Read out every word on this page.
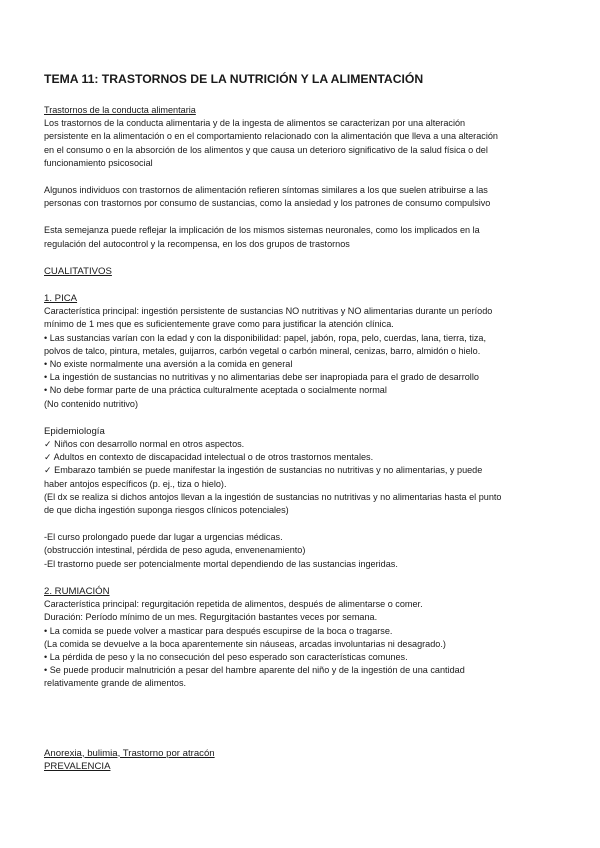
TEMA 11: TRASTORNOS DE LA NUTRICIÓN Y LA ALIMENTACIÓN

Trastornos de la conducta alimentaria
Los trastornos de la conducta alimentaria y de la ingesta de alimentos se caracterizan por una alteración
persistente en la alimentación o en el comportamiento relacionado con la alimentación que lleva a una alteración
en el consumo o en la absorción de los alimentos y que causa un deterioro significativo de la salud física o del
funcionamiento psicosocial
Algunos individuos con trastornos de alimentación refieren síntomas similares a los que suelen atribuirse a las
personas con trastornos por consumo de sustancias, como la ansiedad y los patrones de consumo compulsivo
Esta semejanza puede reflejar la implicación de los mismos sistemas neuronales, como los implicados en la
regulación del autocontrol y la recompensa, en los dos grupos de trastornos
CUALITATIVOS
1. PICA
Característica principal: ingestión persistente de sustancias NO nutritivas y NO alimentarias durante un período
mínimo de 1 mes que es suficientemente grave como para justificar la atención clínica.
• Las sustancias varían con la edad y con la disponibilidad: papel, jabón, ropa, pelo, cuerdas, lana, tierra, tiza,
polvos de talco, pintura, metales, guijarros, carbón vegetal o carbón mineral, cenizas, barro, almidón o hielo.
• No existe normalmente una aversión a la comida en general
• La ingestión de sustancias no nutritivas y no alimentarias debe ser inapropiada para el grado de desarrollo
• No debe formar parte de una práctica culturalmente aceptada o socialmente normal
(No contenido nutritivo)
Epidemiología
✓ Niños con desarrollo normal en otros aspectos.
✓ Adultos en contexto de discapacidad intelectual o de otros trastornos mentales.
✓ Embarazo también se puede manifestar la ingestión de sustancias no nutritivas y no alimentarias, y puede
haber antojos específicos (p. ej., tiza o hielo).
(El dx se realiza si dichos antojos llevan a la ingestión de sustancias no nutritivas y no alimentarias hasta el punto
de que dicha ingestión suponga riesgos clínicos potenciales)
-El curso prolongado puede dar lugar a urgencias médicas.
(obstrucción intestinal, pérdida de peso aguda, envenenamiento)
-El trastorno puede ser potencialmente mortal dependiendo de las sustancias ingeridas.
2. RUMIACIÓN
Característica principal: regurgitación repetida de alimentos, después de alimentarse o comer.
Duración: Período mínimo de un mes. Regurgitación bastantes veces por semana.
• La comida se puede volver a masticar para después escupirse de la boca o tragarse.
(La comida se devuelve a la boca aparentemente sin náuseas, arcadas involuntarias ni desagrado.)
• La pérdida de peso y la no consecución del peso esperado son características comunes.
• Se puede producir malnutrición a pesar del hambre aparente del niño y de la ingestión de una cantidad
relativamente grande de alimentos.
Anorexia, bulimia, Trastorno por atracón
PREVALENCIA
